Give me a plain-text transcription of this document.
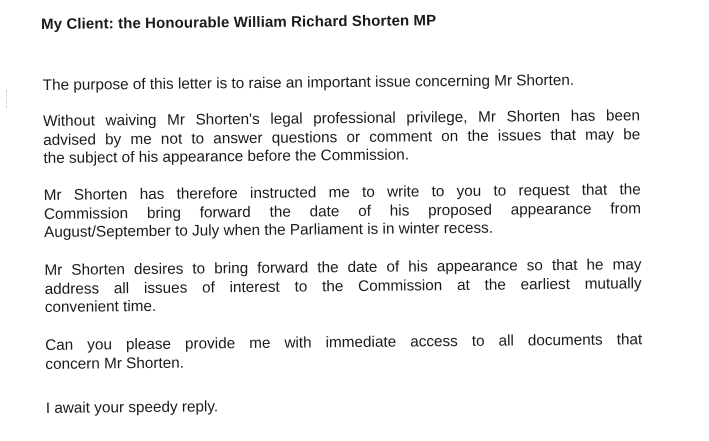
My Client: the Honourable William Richard Shorten MP
The purpose of this letter is to raise an important issue concerning Mr Shorten.
Without waiving Mr Shorten's legal professional privilege, Mr Shorten has been
advised by me not to answer questions or comment on the issues that may be
the subject of his appearance before the Commission.
Mr Shorten has therefore instructed me to write to you to request that the
Commission bring forward the date of his proposed appearance from
August/September to July when the Parliament is in winter recess.
Mr Shorten desires to bring forward the date of his appearance so that he may
address all issues of interest to the Commission at the earliest mutually
convenient time.
Can you please provide me with immediate access to all documents that
concern Mr Shorten.
I await your speedy reply.
